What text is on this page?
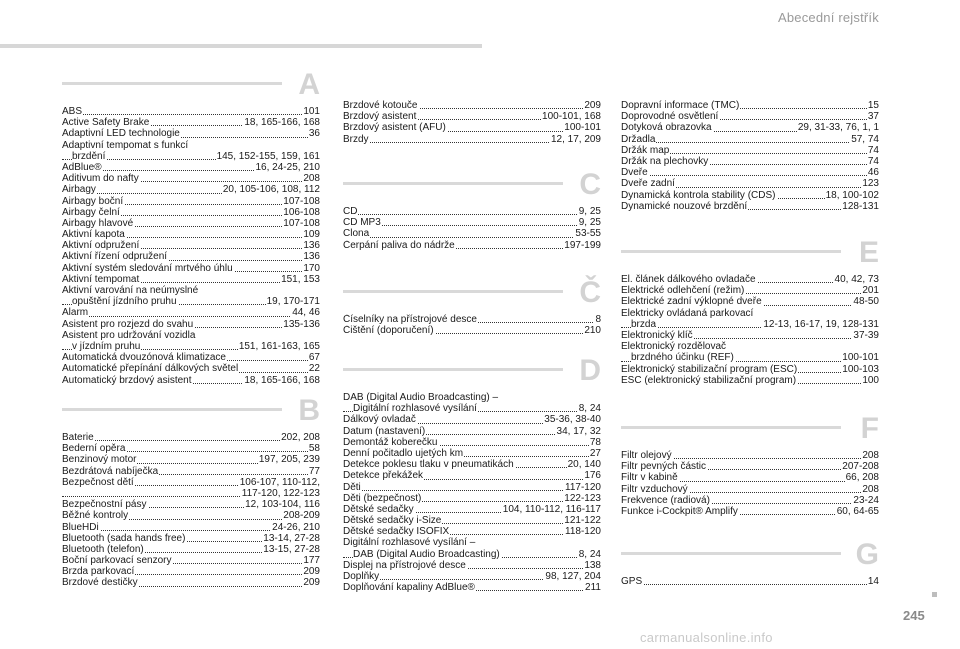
Abecední rejstřík
A
ABS	101
Active Safety Brake	18, 165-166, 168
Adaptivní LED technologie	36
Adaptivní tempomat s funkcí
brzdění	145, 152-155, 159, 161
AdBlue®	16, 24-25, 210
Aditivum do nafty	208
Airbagy	20, 105-106, 108, 112
Airbagy boční	107-108
Airbagy čelní	106-108
Airbagy hlavové	107-108
Aktivní kapota	109
Aktivní odpružení	136
Aktivní řízení odpružení	136
Aktivní systém sledování mrtvého úhlu	170
Aktivní tempomat	151, 153
Aktivní varování na neúmyslné
opuštění jízdního pruhu	19, 170-171
Alarm	44, 46
Asistent pro rozjezd do svahu	135-136
Asistent pro udržování vozidla
v jízdním pruhu	151, 161-163, 165
Automatická dvouzónová klimatizace	67
Automatické přepínání dálkových světel	22
Automatický brzdový asistent	18, 165-166, 168
B
Baterie	202, 208
Bederní opěra	58
Benzinový motor	197, 205, 239
Bezdrátová nabíječka	77
Bezpečnost dětí	106-107, 110-112,
117-120, 122-123
Bezpečnostní pásy	12, 103-104, 116
Běžné kontroly	208-209
BlueHDi	24-26, 210
Bluetooth (sada hands free)	13-14, 27-28
Bluetooth (telefon)	13-15, 27-28
Boční parkovací senzory	177
Brzda parkovací	209
Brzdové destičky	209
Brzdové kotouče	209
Brzdový asistent	100-101, 168
Brzdový asistent (AFU)	100-101
Brzdy	12, 17, 209
C
CD	9, 25
CD MP3	9, 25
Clona	53-55
Čerpání paliva do nádrže	197-199
Č
Číselníky na přístrojové desce	8
Čištění (doporučení)	210
D
DAB (Digital Audio Broadcasting) –
Digitální rozhlasové vysílání	8, 24
Dálkový ovladač	35-36, 38-40
Datum (nastavení)	34, 17, 32
Demontáž koberečku	78
Denní počitadlo ujetých km	27
Detekce poklesu tlaku v pneumatikách	20, 140
Detekce překážek	176
Děti	117-120
Děti (bezpečnost)	122-123
Dětské sedačky	104, 110-112, 116-117
Dětské sedačky i-Size	121-122
Dětské sedačky ISOFIX	118-120
Digitální rozhlasové vysílání –
DAB (Digital Audio Broadcasting)	8, 24
Displej na přístrojové desce	138
Doplňky	98, 127, 204
Doplňování kapaliny AdBlue®	211
Dopravní informace (TMC)	15
Doprovodné osvětlení	37
Dotyková obrazovka	29, 31-33, 76, 1, 1
Držadla	57, 74
Držák map	74
Držák na plechovky	74
Dveře	46
Dveře zadní	123
Dynamická kontrola stability (CDS)	18, 100-102
Dynamické nouzové brzdění	128-131
E
El. článek dálkového ovladače	40, 42, 73
Elektrické odlehčení (režim)	201
Elektrické zadní výklopné dveře	48-50
Elektricky ovládaná parkovací
brzda	12-13, 16-17, 19, 128-131
Elektronický klíč	37-39
Elektronický rozdělovač
brzdného účinku (REF)	100-101
Elektronický stabilizační program (ESC)	100-103
ESC (elektronický stabilizační program)	100
F
Filtr olejový	208
Filtr pevných částic	207-208
Filtr v kabině	66, 208
Filtr vzduchový	208
Frekvence (radiová)	23-24
Funkce i-Cockpit® Amplify	60, 64-65
G
GPS	14
245
carmanualsonline.info
